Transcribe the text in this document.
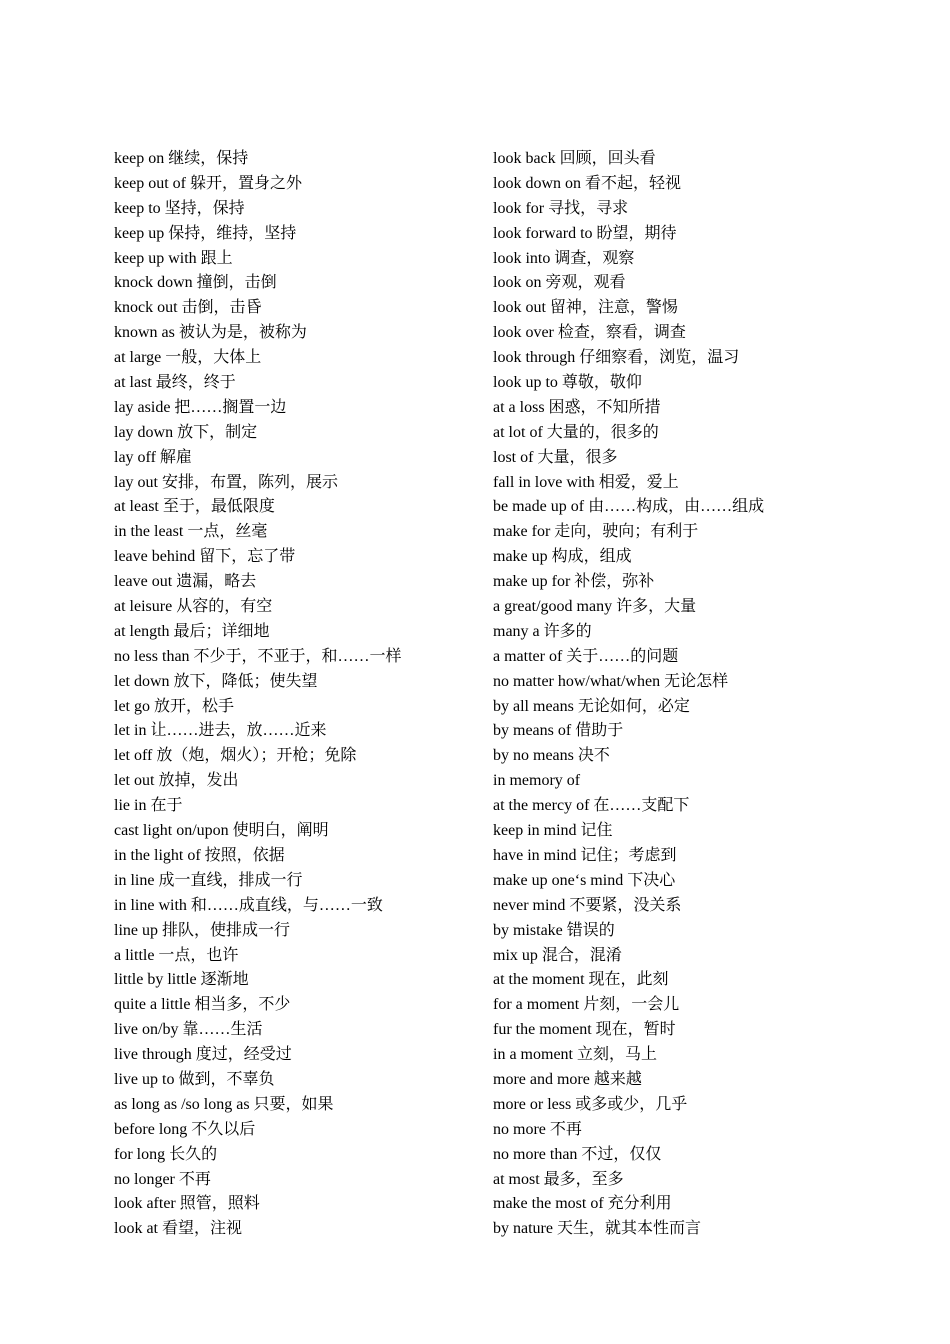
keep on 继续，保持
keep out of 躲开，置身之外
keep to 坚持，保持
keep up 保持，维持，坚持
keep up with 跟上
knock down 撞倒，击倒
knock out 击倒，击昏
known as 被认为是，被称为
at large 一般，大体上
at last 最终，终于
lay aside 把……搁置一边
lay down 放下，制定
lay off 解雇
lay out 安排，布置，陈列，展示
at least 至于，最低限度
in the least 一点，丝毫
leave behind 留下，忘了带
leave out 遗漏，略去
at leisure 从容的，有空
at length 最后；详细地
no less than 不少于，不亚于，和……一样
let down 放下，降低；使失望
let go 放开，松手
let in 让……进去，放……近来
let off 放（炮，烟火）；开枪；免除
let out 放掉，发出
lie in 在于
cast light on/upon 使明白，阐明
in the light of 按照，依据
in line 成一直线，排成一行
in line with 和……成直线，与……一致
line up 排队，使排成一行
a little 一点，也许
little by little 逐渐地
quite a little 相当多，不少
live on/by 靠……生活
live through 度过，经受过
live up to 做到，不辜负
as long as /so long as 只要，如果
before long 不久以后
for long 长久的
no longer 不再
look after 照管，照料
look at 看望，注视
look back 回顾，回头看
look down on 看不起，轻视
look for 寻找，寻求
look forward to 盼望，期待
look into 调查，观察
look on 旁观，观看
look out 留神，注意，警惕
look over 检查，察看，调查
look through 仔细察看，浏览，温习
look up to 尊敬，敬仰
at a loss 困惑，不知所措
at lot of 大量的，很多的
lost of 大量，很多
fall in love with 相爱，爱上
be made up of 由……构成，由……组成
make for 走向，驶向；有利于
make up 构成，组成
make up for 补偿，弥补
a great/good many 许多，大量
many a 许多的
a matter of 关于……的问题
no matter how/what/when 无论怎样
by all means 无论如何，必定
by means of 借助于
by no means 决不
in memory of
at the mercy of 在……支配下
keep in mind 记住
have in mind 记住；考虑到
make up one‘s mind 下决心
never mind 不要紧，没关系
by mistake 错误的
mix up 混合，混淆
at the moment 现在，此刻
for a moment 片刻，一会儿
fur the moment 现在，暂时
in a moment 立刻，马上
more and more 越来越
more or less 或多或少，几乎
no more 不再
no more than 不过，仅仅
at most 最多，至多
make the most of 充分利用
by nature 天生，就其本性而言
